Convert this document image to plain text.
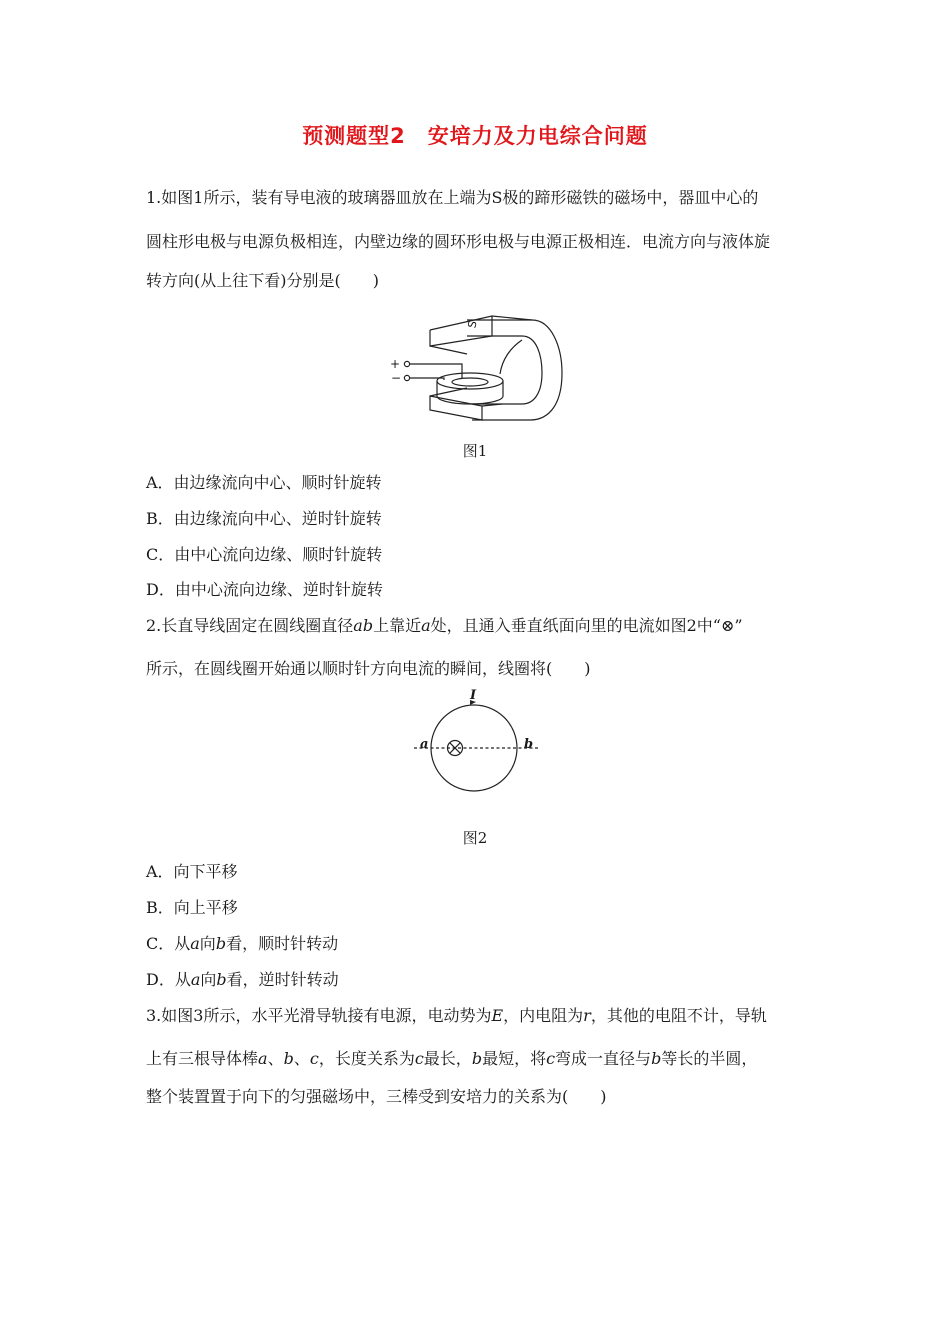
预测题型2　安培力及力电综合问题
1.如图1所示，装有导电液的玻璃器皿放在上端为S极的蹄形磁铁的磁场中，器皿中心的
圆柱形电极与电源负极相连，内壁边缘的圆环形电极与电源正极相连．电流方向与液体旋
转方向(从上往下看)分别是(　　)
S
+
−
图1
A．由边缘流向中心、顺时针旋转
B．由边缘流向中心、逆时针旋转
C．由中心流向边缘、顺时针旋转
D．由中心流向边缘、逆时针旋转
2.长直导线固定在圆线圈直径ab上靠近a处，且通入垂直纸面向里的电流如图2中“⊗”
所示，在圆线圈开始通以顺时针方向电流的瞬间，线圈将(　　)
a	b
I
图2
A．向下平移
B．向上平移
C．从a向b看，顺时针转动
D．从a向b看，逆时针转动
3.如图3所示，水平光滑导轨接有电源，电动势为E，内电阻为r，其他的电阻不计，导轨
上有三根导体棒a、b、c，长度关系为c最长，b最短，将c弯成一直径与b等长的半圆，
整个装置置于向下的匀强磁场中，三棒受到安培力的关系为(　　)
